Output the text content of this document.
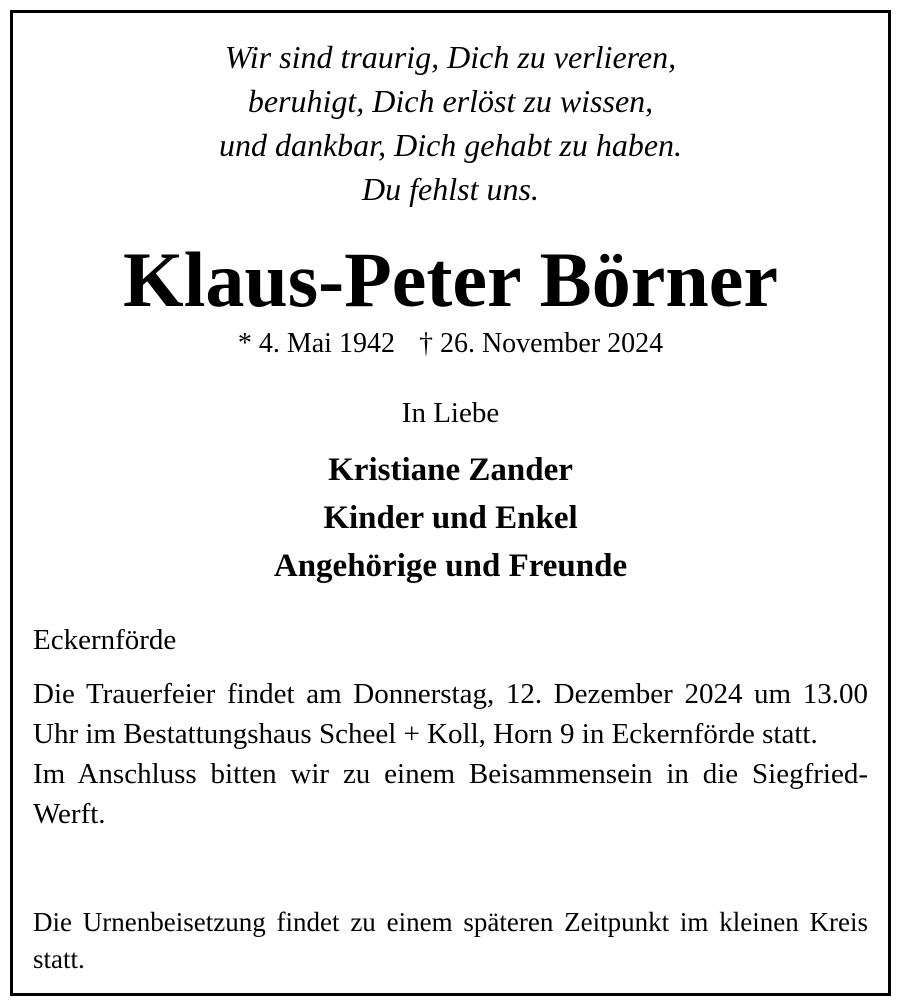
Wir sind traurig, Dich zu verlieren,
beruhigt, Dich erlöst zu wissen,
und dankbar, Dich gehabt zu haben.
Du fehlst uns.
Klaus-Peter Börner
* 4. Mai 1942 † 26. November 2024
In Liebe
Kristiane Zander
Kinder und Enkel
Angehörige und Freunde
Eckernförde

Die Trauerfeier findet am Donnerstag, 12. Dezember 2024 um 13.00 Uhr im Bestattungshaus Scheel + Koll, Horn 9 in Eckernförde statt.

Im Anschluss bitten wir zu einem Beisammensein in die Siegfried-Werft.

Die Urnenbeisetzung findet zu einem späteren Zeitpunkt im kleinen Kreis statt.
